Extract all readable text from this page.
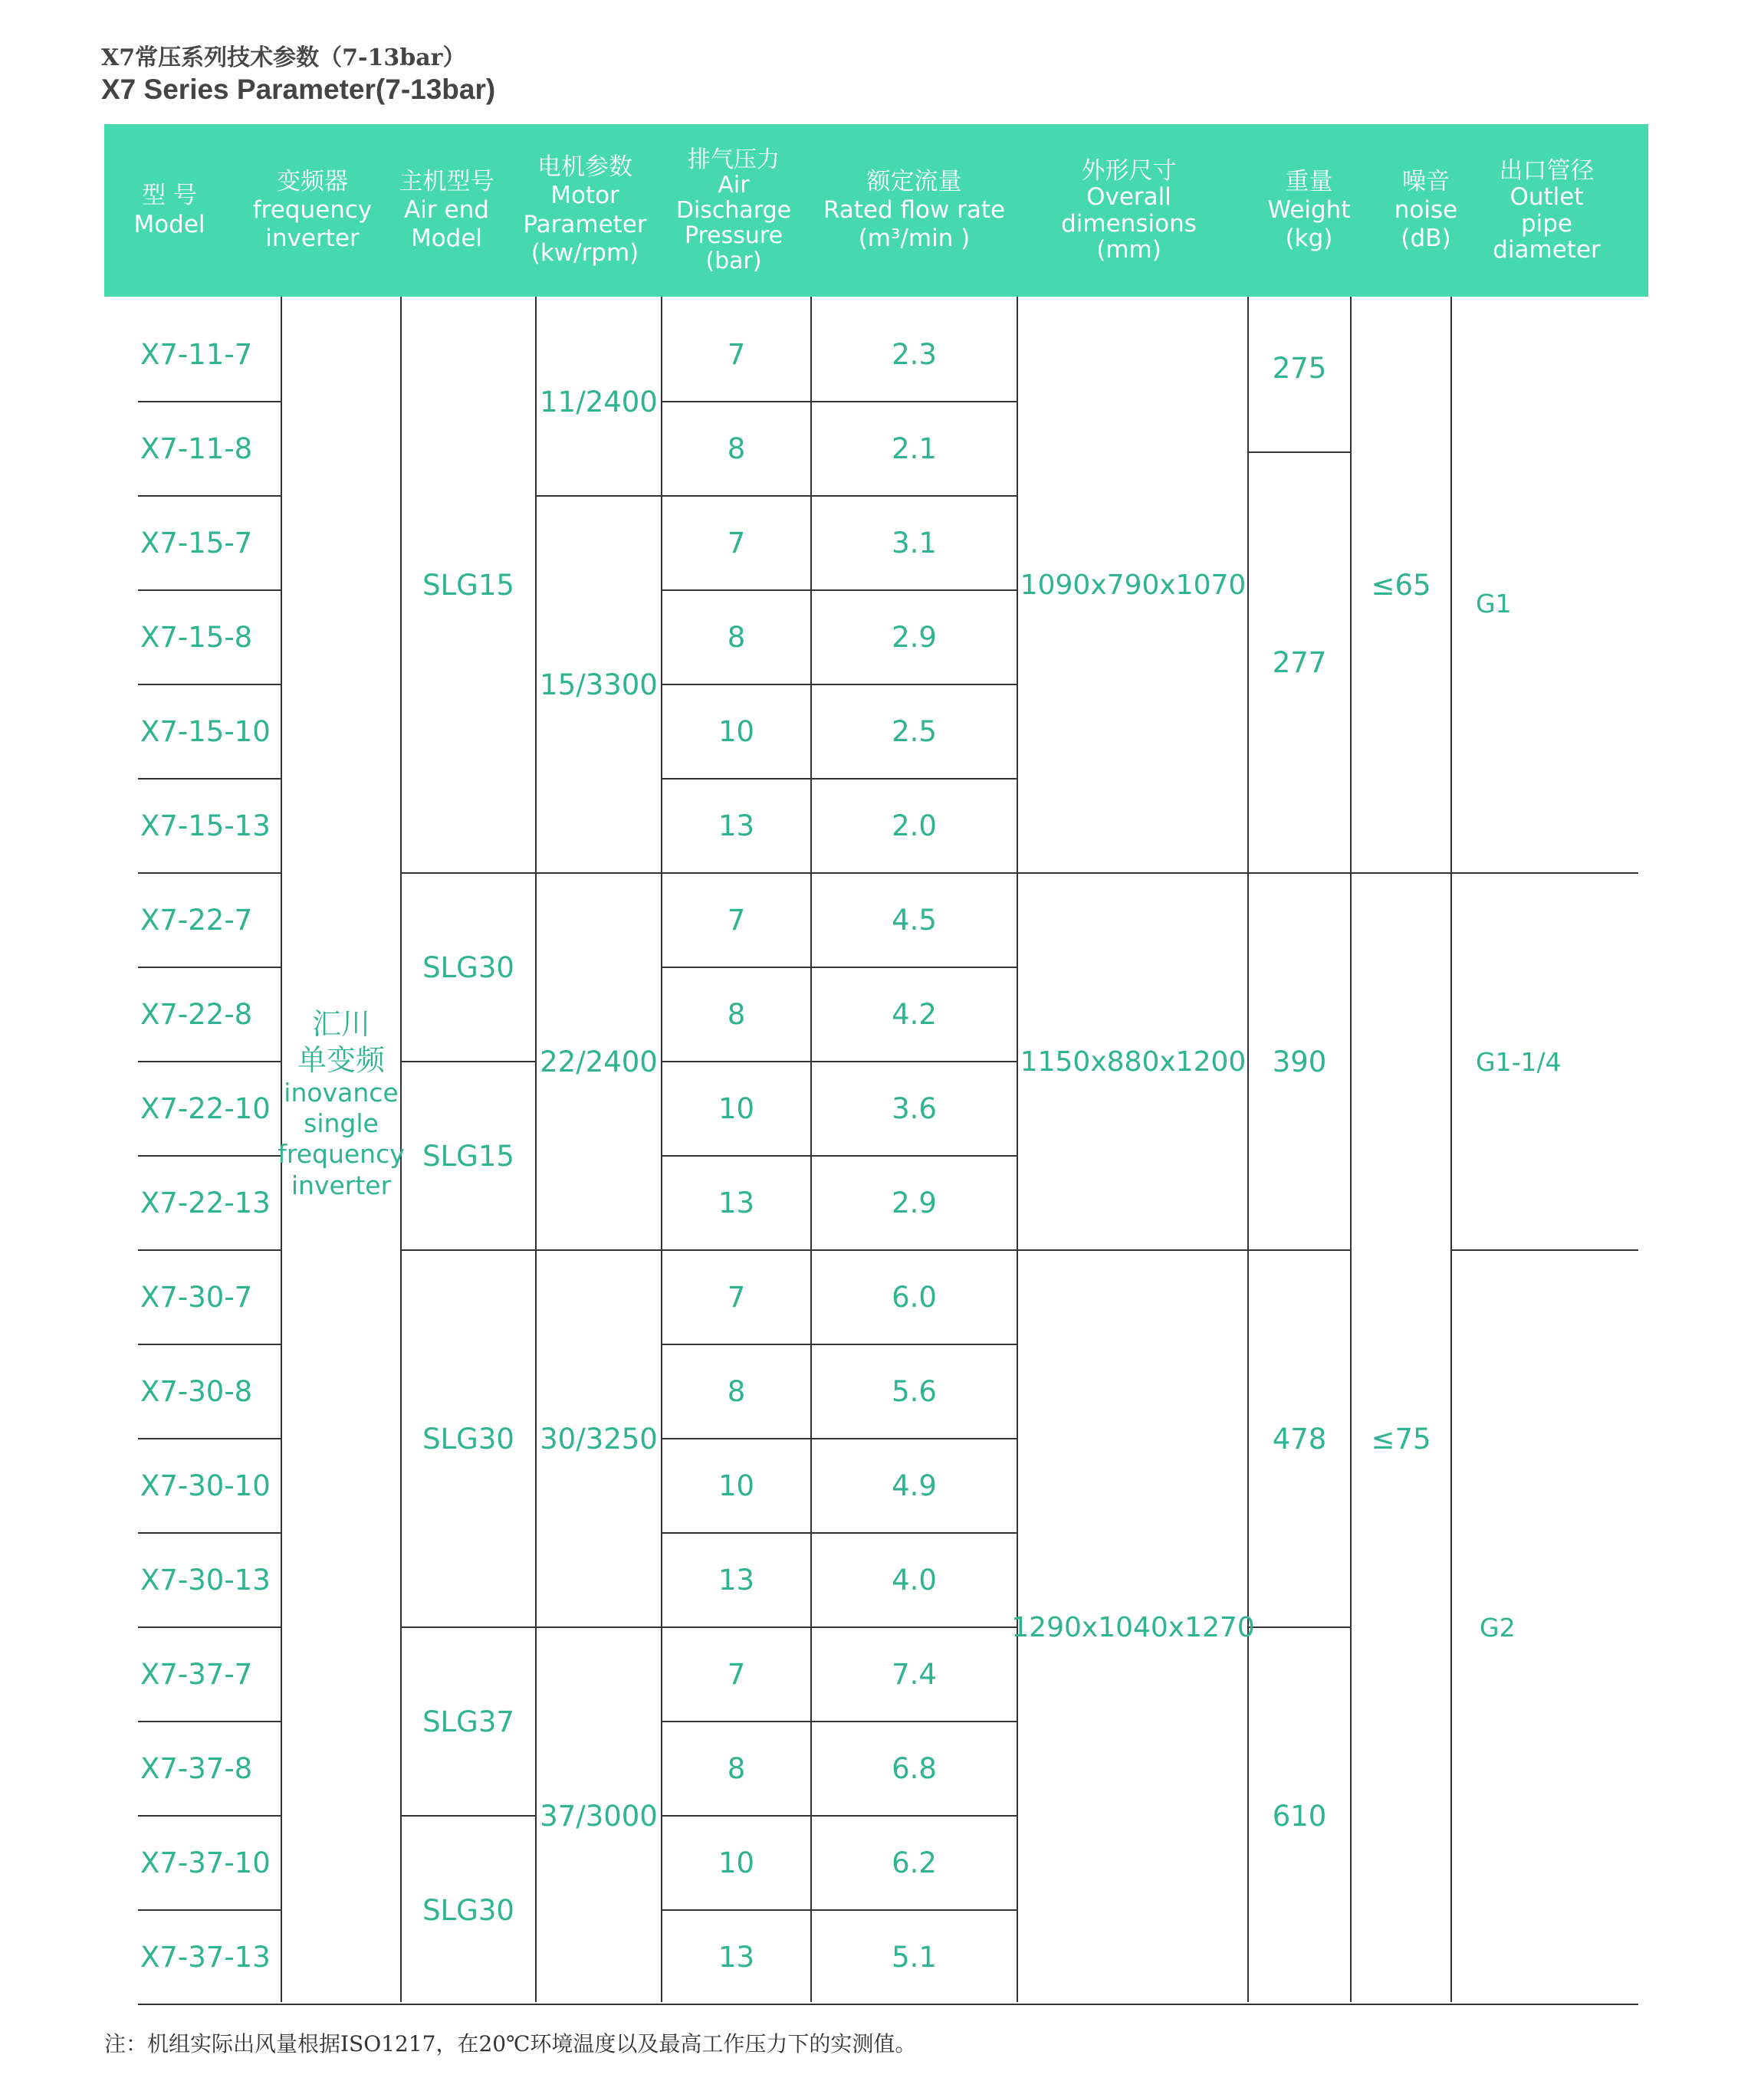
X7常压系列技术参数（7-13bar）
X7 Series Parameter(7-13bar)
型 号
Model
变频器
frequency
inverter
主机型号
Air end
Model
电机参数
Motor
Parameter
(kw/rpm)
排气压力
Air
Discharge
Pressure
(bar)
额定流量
Rated flow rate
(m³/min )
外形尺寸
Overall
dimensions
(mm)
重量
Weight
(kg)
噪音
noise
(dB)
出口管径
Outlet
pipe
diameter
X7-11-7
X7-11-8
X7-15-7
X7-15-8
X7-15-10
X7-15-13
X7-22-7
X7-22-8
X7-22-10
X7-22-13
X7-30-7
X7-30-8
X7-30-10
X7-30-13
X7-37-7
X7-37-8
X7-37-10
X7-37-13
汇川
单变频
inovance
single
frequency
inverter
SLG15
SLG30
SLG15
SLG30
SLG37
SLG30
11/2400
15/3300
22/2400
30/3250
37/3000
7
8
7
8
10
13
7
8
10
13
7
8
10
13
7
8
10
13
2.3
2.1
3.1
2.9
2.5
2.0
4.5
4.2
3.6
2.9
6.0
5.6
4.9
4.0
7.4
6.8
6.2
5.1
1090x790x1070
1150x880x1200
1290x1040x1270
275
277
390
478
610
≤65
≤75
G1
G1-1/4
G2
注：机组实际出风量根据ISO1217，在20℃环境温度以及最高工作压力下的实测值。
